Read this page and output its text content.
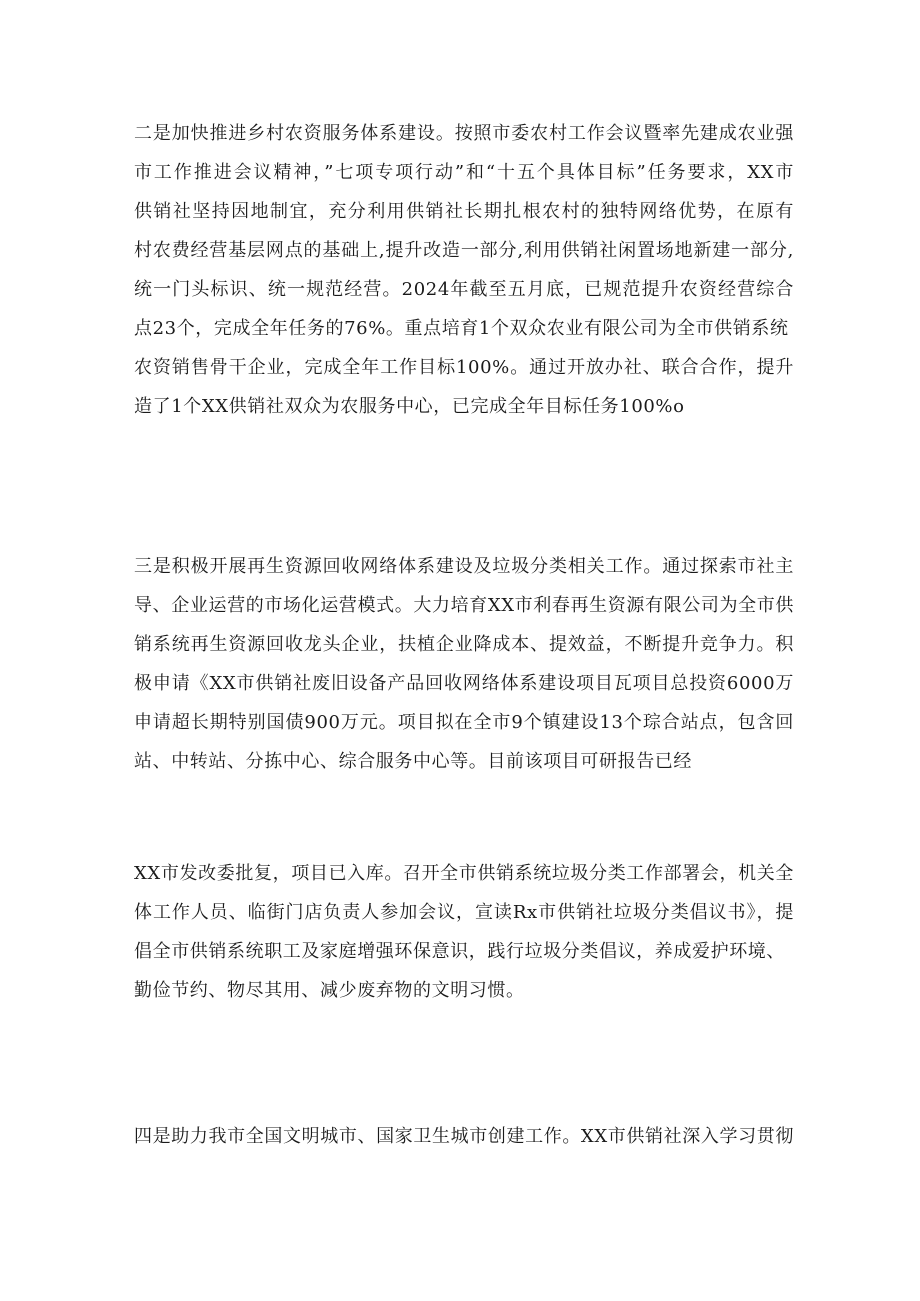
二是加快推进乡村农资服务体系建设。按照市委农村工作会议暨率先建成农业强
市工作推进会议精神，”七项专项行动”和“十五个具体目标”任务要求，XX市
供销社坚持因地制宜，充分利用供销社长期扎根农村的独特网络优势，在原有
村农费经营基层网点的基础上,提升改造一部分,利用供销社闲置场地新建一部分,
统一门头标识、统一规范经营。2024年截至五月底，已规范提升农资经营综合
点23个，完成全年任务的76%。重点培育1个双众农业有限公司为全市供销系统
农资销售骨干企业，完成全年工作目标100%。通过开放办社、联合合作，提升
造了1个XX供销社双众为农服务中心，已完成全年目标任务100%o
三是积极开展再生资源回收网络体系建设及垃圾分类相关工作。通过探索市社主
导、企业运营的市场化运营模式。大力培育XX市利春再生资源有限公司为全市供
销系统再生资源回收龙头企业，扶植企业降成本、提效益，不断提升竞争力。积
极申请《XX市供销社废旧设备产品回收网络体系建设项目瓦项目总投资6000万
申请超长期特别国债900万元。项目拟在全市9个镇建设13个琮合站点，包含回
站、中转站、分拣中心、综合服务中心等。目前该项目可研报告已经
XX市发改委批复，项目已入库。召开全市供销系统垃圾分类工作部署会，机关全
体工作人员、临街门店负责人参加会议，宣读Rx市供销社垃圾分类倡议书》，提
倡全市供销系统职工及家庭增强环保意识，践行垃圾分类倡议，养成爱护环境、
勤俭节约、物尽其用、减少废弃物的文明习惯。
四是助力我市全国文明城市、国家卫生城市创建工作。XX市供销社深入学习贯彻
